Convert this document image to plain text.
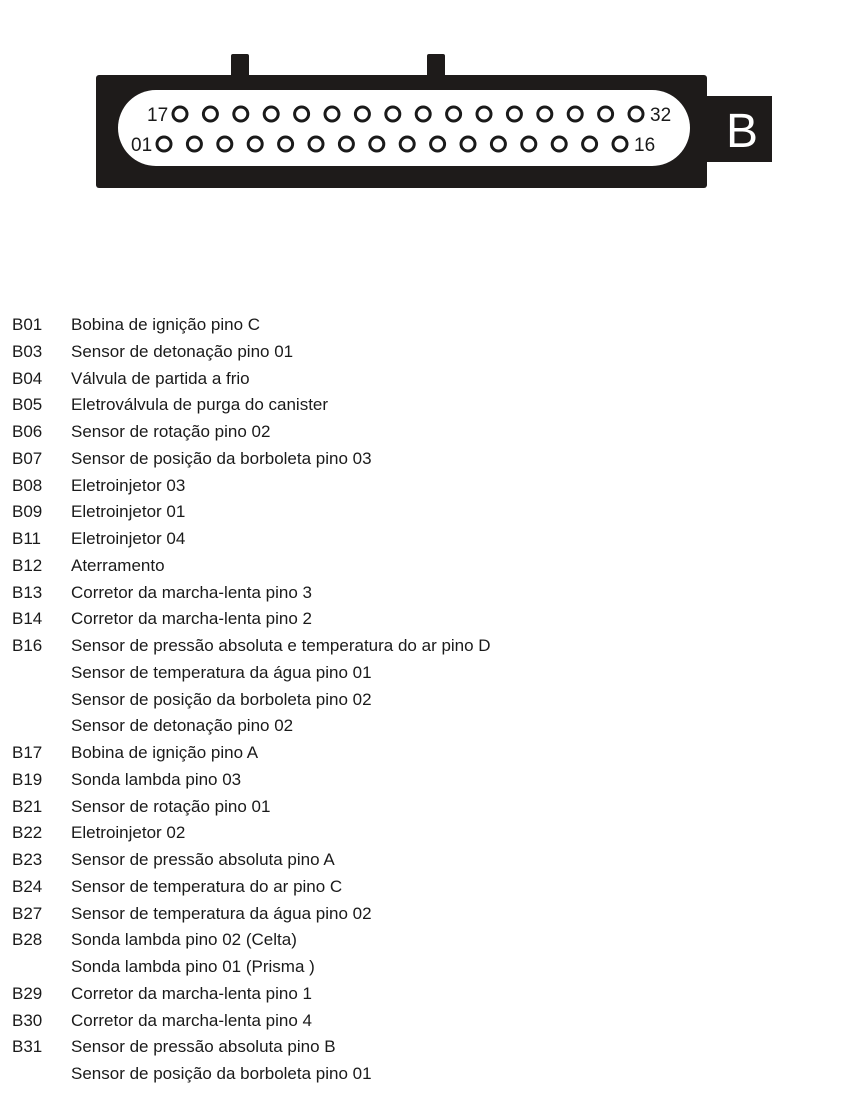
17	32
01	16 B
B01 Bobina de ignição pino C
B03 Sensor de detonação pino 01
B04 Válvula de partida a frio
B05 Eletroválvula de purga do canister
B06 Sensor de rotação pino 02
B07 Sensor de posição da borboleta pino 03
B08 Eletroinjetor 03
B09 Eletroinjetor 01
B11 Eletroinjetor 04
B12 Aterramento
B13 Corretor da marcha-lenta pino 3
B14 Corretor da marcha-lenta pino 2
B16 Sensor de pressão absoluta e temperatura do ar pino D
Sensor de temperatura da água pino 01
Sensor de posição da borboleta pino 02
Sensor de detonação pino 02
B17 Bobina de ignição pino A
B19 Sonda lambda pino 03
B21 Sensor de rotação pino 01
B22 Eletroinjetor 02
B23 Sensor de pressão absoluta pino A
B24 Sensor de temperatura do ar pino C
B27 Sensor de temperatura da água pino 02
B28 Sonda lambda pino 02 (Celta)
Sonda lambda pino 01 (Prisma )
B29 Corretor da marcha-lenta pino 1
B30 Corretor da marcha-lenta pino 4
B31 Sensor de pressão absoluta pino B
Sensor de posição da borboleta pino 01
